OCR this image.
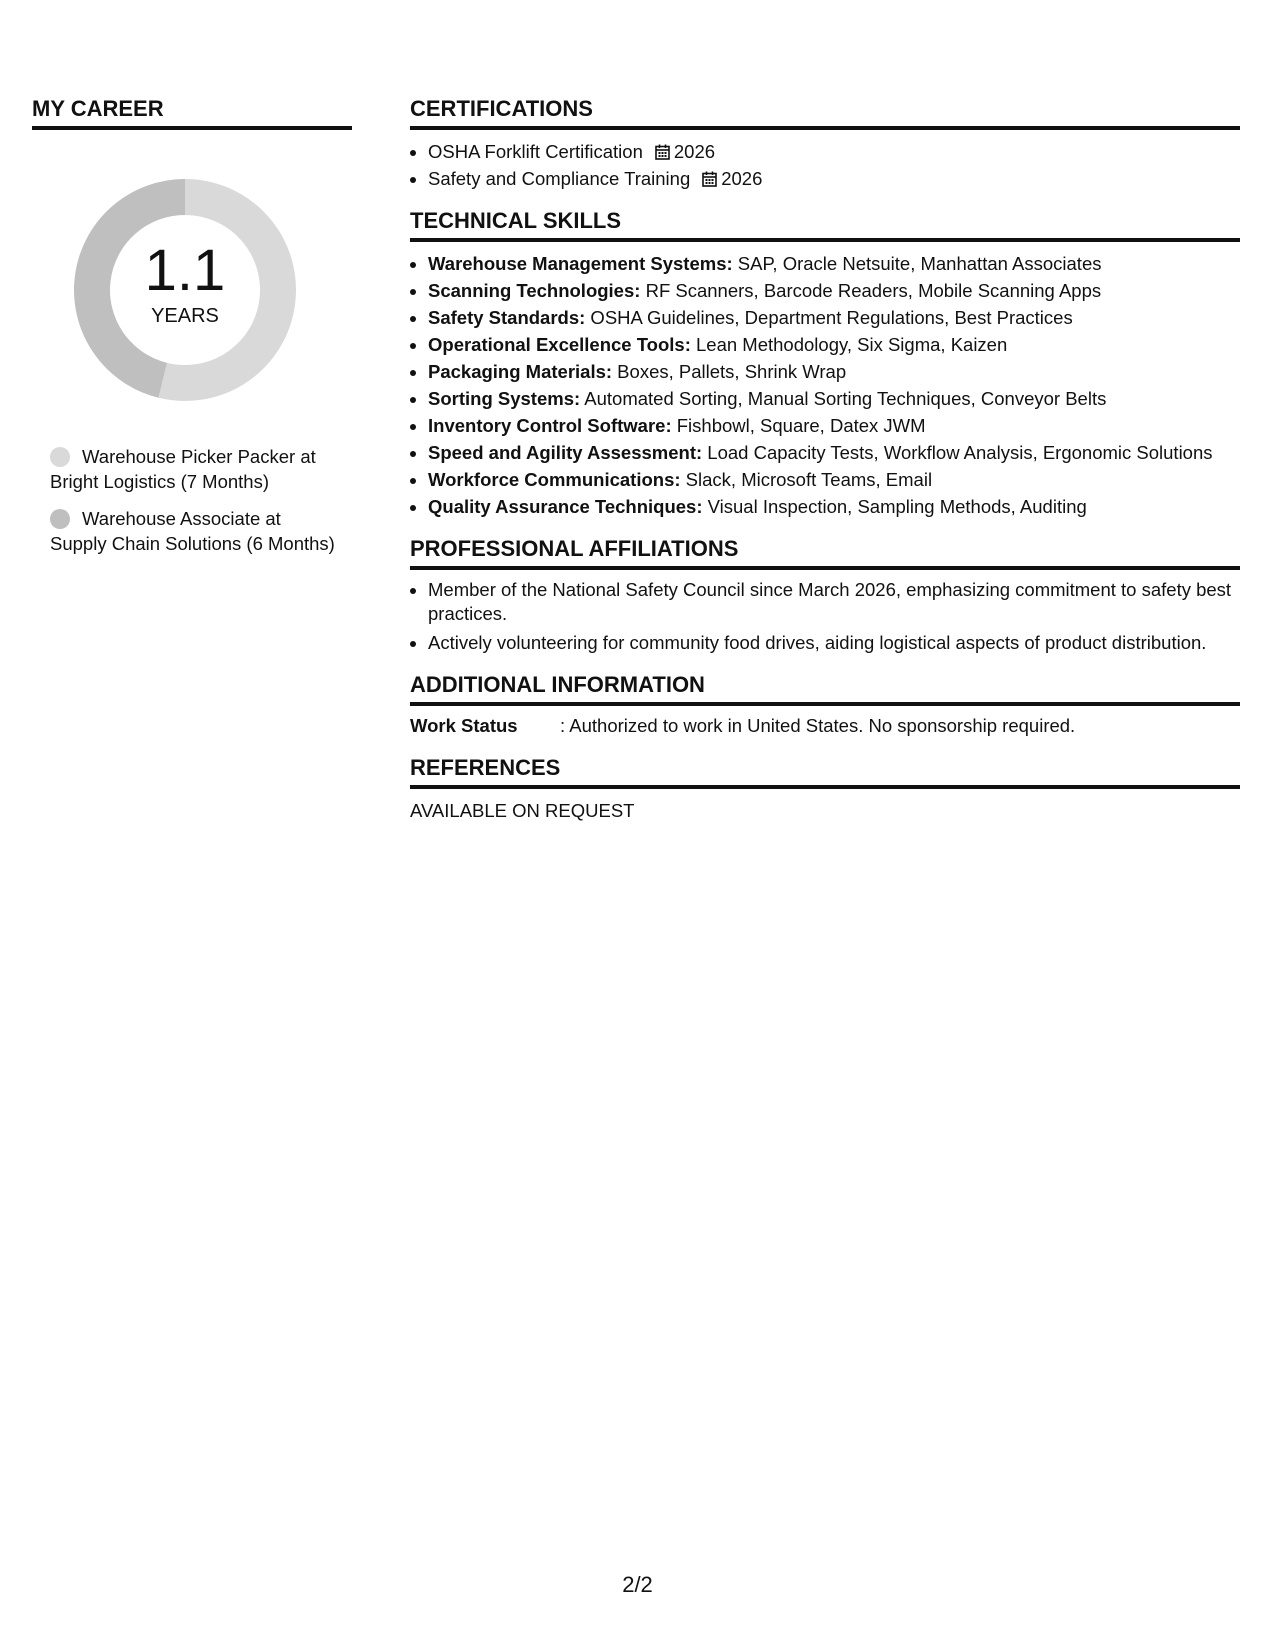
MY CAREER
1.1
YEARS
Warehouse Picker Packer at Bright Logistics (7 Months)
Warehouse Associate at Supply Chain Solutions (6 Months)
CERTIFICATIONS
• OSHA Forklift Certification 2026
• Safety and Compliance Training 2026
TECHNICAL SKILLS
• Warehouse Management Systems: SAP, Oracle Netsuite, Manhattan Associates
• Scanning Technologies: RF Scanners, Barcode Readers, Mobile Scanning Apps
• Safety Standards: OSHA Guidelines, Department Regulations, Best Practices
• Operational Excellence Tools: Lean Methodology, Six Sigma, Kaizen
• Packaging Materials: Boxes, Pallets, Shrink Wrap
• Sorting Systems: Automated Sorting, Manual Sorting Techniques, Conveyor Belts
• Inventory Control Software: Fishbowl, Square, Datex JWM
• Speed and Agility Assessment: Load Capacity Tests, Workflow Analysis, Ergonomic Solutions
• Workforce Communications: Slack, Microsoft Teams, Email
• Quality Assurance Techniques: Visual Inspection, Sampling Methods, Auditing
PROFESSIONAL AFFILIATIONS
• Member of the National Safety Council since March 2026, emphasizing commitment to safety best practices.
• Actively volunteering for community food drives, aiding logistical aspects of product distribution.
ADDITIONAL INFORMATION
Work Status	: Authorized to work in United States. No sponsorship required.
REFERENCES
AVAILABLE ON REQUEST
2/2
